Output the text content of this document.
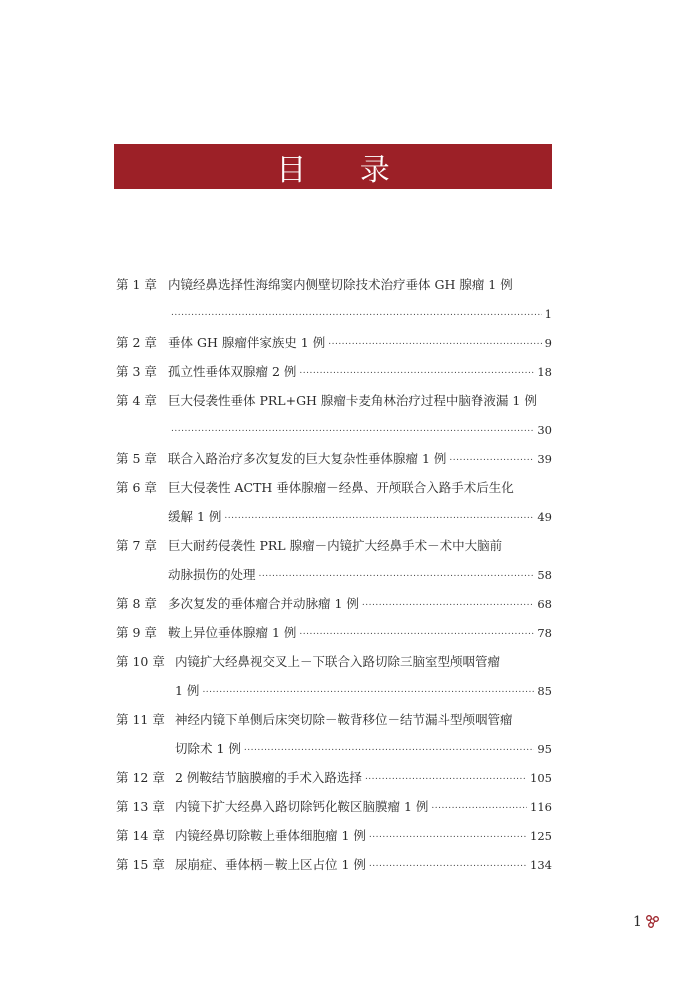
目 录
第 1 章 内镜经鼻选择性海绵窦内侧壁切除技术治疗垂体 GH 腺瘤 1 例
.....
1
第 2 章 垂体 GH 腺瘤伴家族史 1 例 .....	9
第 3 章 孤立性垂体双腺瘤 2 例 .....	18
第 4 章 巨大侵袭性垂体 PRL+GH 腺瘤卡麦角林治疗过程中脑脊液漏 1 例
.....
30
第 5 章 联合入路治疗多次复发的巨大复杂性垂体腺瘤 1 例 .....	39
第 6 章 巨大侵袭性 ACTH 垂体腺瘤－经鼻、开颅联合入路手术后生化
缓解 1 例 .....	49
第 7 章 巨大耐药侵袭性 PRL 腺瘤－内镜扩大经鼻手术－术中大脑前
动脉损伤的处理 .....	58
第 8 章 多次复发的垂体瘤合并动脉瘤 1 例 .....	68
第 9 章 鞍上异位垂体腺瘤 1 例 .....	78
第 10 章 内镜扩大经鼻视交叉上－下联合入路切除三脑室型颅咽管瘤
1 例 .....	85
第 11 章 神经内镜下单侧后床突切除－鞍背移位－结节漏斗型颅咽管瘤
切除术 1 例 .....	95
第 12 章 2 例鞍结节脑膜瘤的手术入路选择 .....	105
第 13 章 内镜下扩大经鼻入路切除钙化鞍区脑膜瘤 1 例 .....	116
第 14 章 内镜经鼻切除鞍上垂体细胞瘤 1 例 .....	125
第 15 章 尿崩症、垂体柄－鞍上区占位 1 例 .....	134
1
